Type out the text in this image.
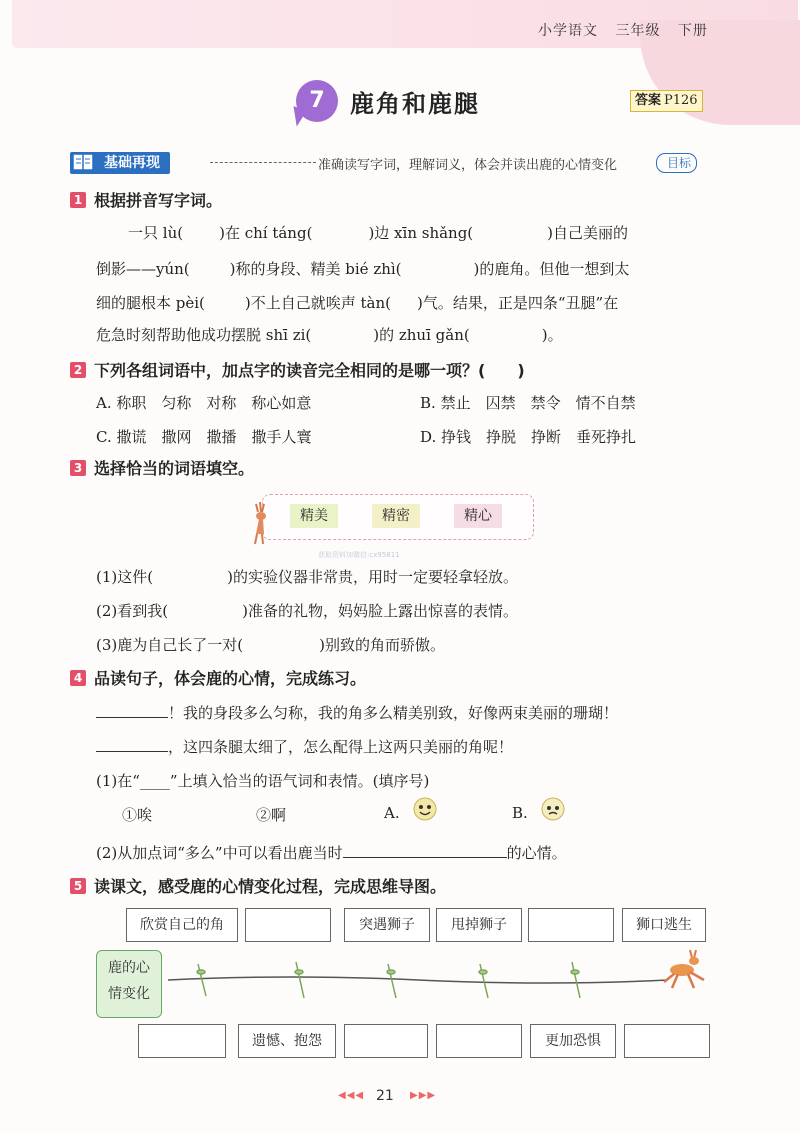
小学语文 三年级 下册
7	鹿角和鹿腿	答案 P126
基础再现	准确读写字词，理解词义，体会并读出鹿的心情变化	目标
1 根据拼音写字词。
一只 lù( )在 chí táng(	)边 xīn shǎng(	)自己美丽的
倒影——yún(	)称的身段、精美 bié zhì(	)的鹿角。但他一想到太
细的腿根本 pèi(	)不上自己就唉声 tàn( )气。结果，正是四条“丑腿”在
危急时刻帮助他成功摆脱 shī zi(	)的 zhuī gǎn(	)。
2 下列各组词语中，加点字的读音完全相同的是哪一项？(　　)
A. 称职　匀称　对称　称心如意	B. 禁止　囚禁　禁令　情不自禁
C. 撒谎　撒网　撒播　撒手人寰	D. 挣钱　挣脱　挣断　垂死挣扎
3 选择恰当的词语填空。
精美	精密	精心
获取资料加微信:cx95811
(1)这件(	)的实验仪器非常贵，用时一定要轻拿轻放。
(2)看到我(	)准备的礼物，妈妈脸上露出惊喜的表情。
(3)鹿为自己长了一对(	)别致的角而骄傲。
4 品读句子，体会鹿的心情，完成练习。
！我的身段多么匀称，我的角多么精美别致，好像两束美丽的珊瑚！
，这四条腿太细了，怎么配得上这两只美丽的角呢！
(1)在“____”上填入恰当的语气词和表情。(填序号)
①唉	②啊	A.	B.
(2)从加点词“多么”中可以看出鹿当时	的心情。
5 读课文，感受鹿的心情变化过程，完成思维导图。
欣赏自己的角	突遇狮子	甩掉狮子	狮口逃生
鹿的心
情变化
遗憾、抱怨	更加恐惧
◀◀◀ 21 ▶▶▶
